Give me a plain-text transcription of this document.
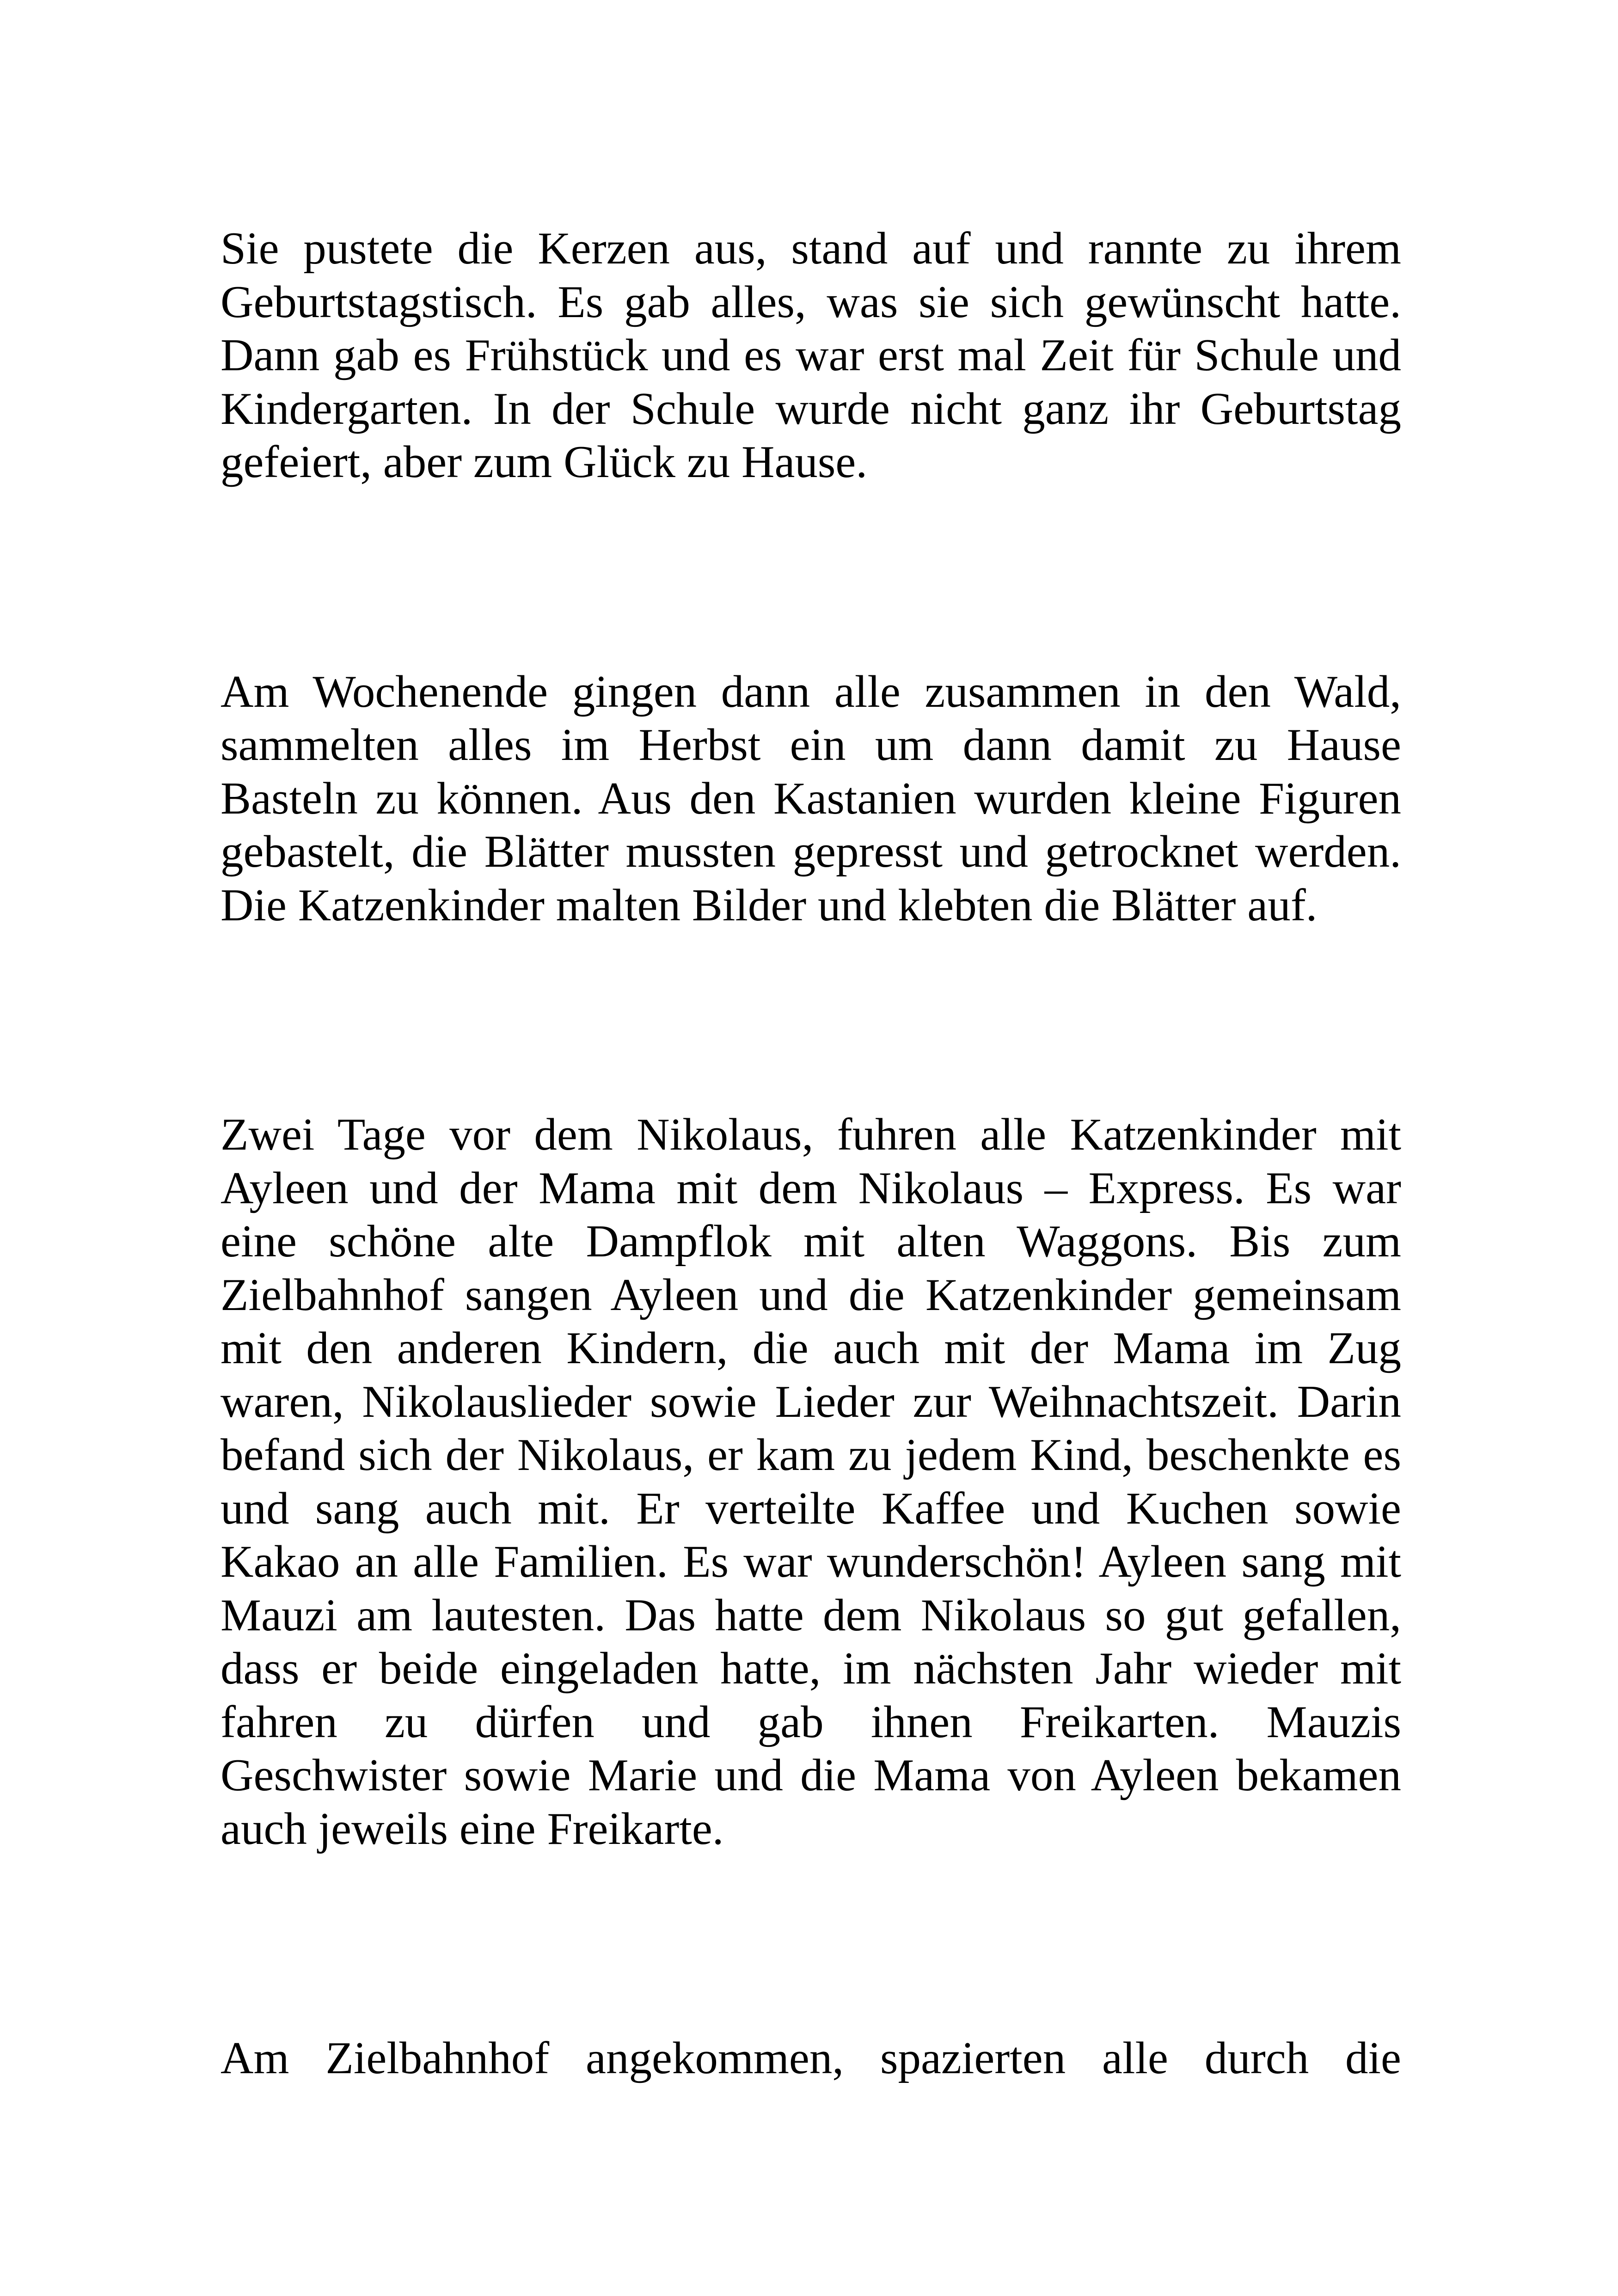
Sie pustete die Kerzen aus, stand auf und rannte zu ihrem
Geburtstagstisch. Es gab alles, was sie sich gewünscht hatte.
Dann gab es Frühstück und es war erst mal Zeit für Schule und
Kindergarten. In der Schule wurde nicht ganz ihr Geburtstag
gefeiert, aber zum Glück zu Hause.
Am Wochenende gingen dann alle zusammen in den Wald,
sammelten alles im Herbst ein um dann damit zu Hause
Basteln zu können. Aus den Kastanien wurden kleine Figuren
gebastelt, die Blätter mussten gepresst und getrocknet werden.
Die Katzenkinder malten Bilder und klebten die Blätter auf.
Zwei Tage vor dem Nikolaus, fuhren alle Katzenkinder mit
Ayleen und der Mama mit dem Nikolaus – Express. Es war
eine schöne alte Dampflok mit alten Waggons. Bis zum
Zielbahnhof sangen Ayleen und die Katzenkinder gemeinsam
mit den anderen Kindern, die auch mit der Mama im Zug
waren, Nikolauslieder sowie Lieder zur Weihnachtszeit. Darin
befand sich der Nikolaus, er kam zu jedem Kind, beschenkte es
und sang auch mit. Er verteilte Kaffee und Kuchen sowie
Kakao an alle Familien. Es war wunderschön! Ayleen sang mit
Mauzi am lautesten. Das hatte dem Nikolaus so gut gefallen,
dass er beide eingeladen hatte, im nächsten Jahr wieder mit
fahren zu dürfen und gab ihnen Freikarten. Mauzis
Geschwister sowie Marie und die Mama von Ayleen bekamen
auch jeweils eine Freikarte.
Am Zielbahnhof angekommen, spazierten alle durch die
